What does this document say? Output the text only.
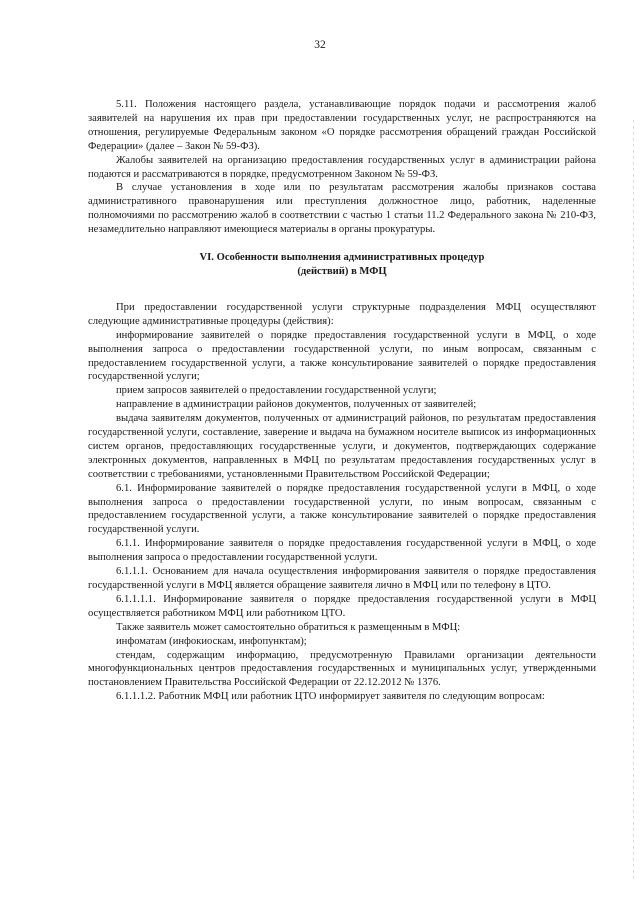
32

5.11. Положения настоящего раздела, устанавливающие порядок подачи и рассмотрения жалоб заявителей на нарушения их прав при предоставлении государственных услуг, не распространяются на отношения, регулируемые Федеральным законом «О порядке рассмотрения обращений граждан Российской Федерации» (далее – Закон № 59-ФЗ).

Жалобы заявителей на организацию предоставления государственных услуг в администрации района подаются и рассматриваются в порядке, предусмотренном Законом № 59-ФЗ.

В случае установления в ходе или по результатам рассмотрения жалобы признаков состава административного правонарушения или преступления должностное лицо, работник, наделенные полномочиями по рассмотрению жалоб в соответствии с частью 1 статьи 11.2 Федерального закона № 210-ФЗ, незамедлительно направляют имеющиеся материалы в органы прокуратуры.

VI. Особенности выполнения административных процедур
(действий) в МФЦ

При предоставлении государственной услуги структурные подразделения МФЦ осуществляют следующие административные процедуры (действия):

информирование заявителей о порядке предоставления государственной услуги в МФЦ, о ходе выполнения запроса о предоставлении государственной услуги, по иным вопросам, связанным с предоставлением государственной услуги, а также консультирование заявителей о порядке предоставления государственной услуги;

прием запросов заявителей о предоставлении государственной услуги;

направление в администрации районов документов, полученных от заявителей;

выдача заявителям документов, полученных от администраций районов, по результатам предоставления государственной услуги, составление, заверение и выдача на бумажном носителе выписок из информационных систем органов, предоставляющих государственные услуги, и документов, подтверждающих содержание электронных документов, направленных в МФЦ по результатам предоставления государственных услуг в соответствии с требованиями, установленными Правительством Российской Федерации;

6.1. Информирование заявителей о порядке предоставления государственной услуги в МФЦ, о ходе выполнения запроса о предоставлении государственной услуги, по иным вопросам, связанным с предоставлением государственной услуги, а также консультирование заявителей о порядке предоставления государственной услуги.

6.1.1. Информирование заявителя о порядке предоставления государственной услуги в МФЦ, о ходе выполнения запроса о предоставлении государственной услуги.

6.1.1.1. Основанием для начала осуществления информирования заявителя о порядке предоставления государственной услуги в МФЦ является обращение заявителя лично в МФЦ или по телефону в ЦТО.

6.1.1.1.1. Информирование заявителя о порядке предоставления государственной услуги в МФЦ осуществляется работником МФЦ или работником ЦТО.

Также заявитель может самостоятельно обратиться к размещенным в МФЦ:

инфоматам (инфокиоскам, инфопунктам);

стендам, содержащим информацию, предусмотренную Правилами организации деятельности многофункциональных центров предоставления государственных и муниципальных услуг, утвержденными постановлением Правительства Российской Федерации от 22.12.2012 № 1376.

6.1.1.1.2. Работник МФЦ или работник ЦТО информирует заявителя по следующим вопросам:
